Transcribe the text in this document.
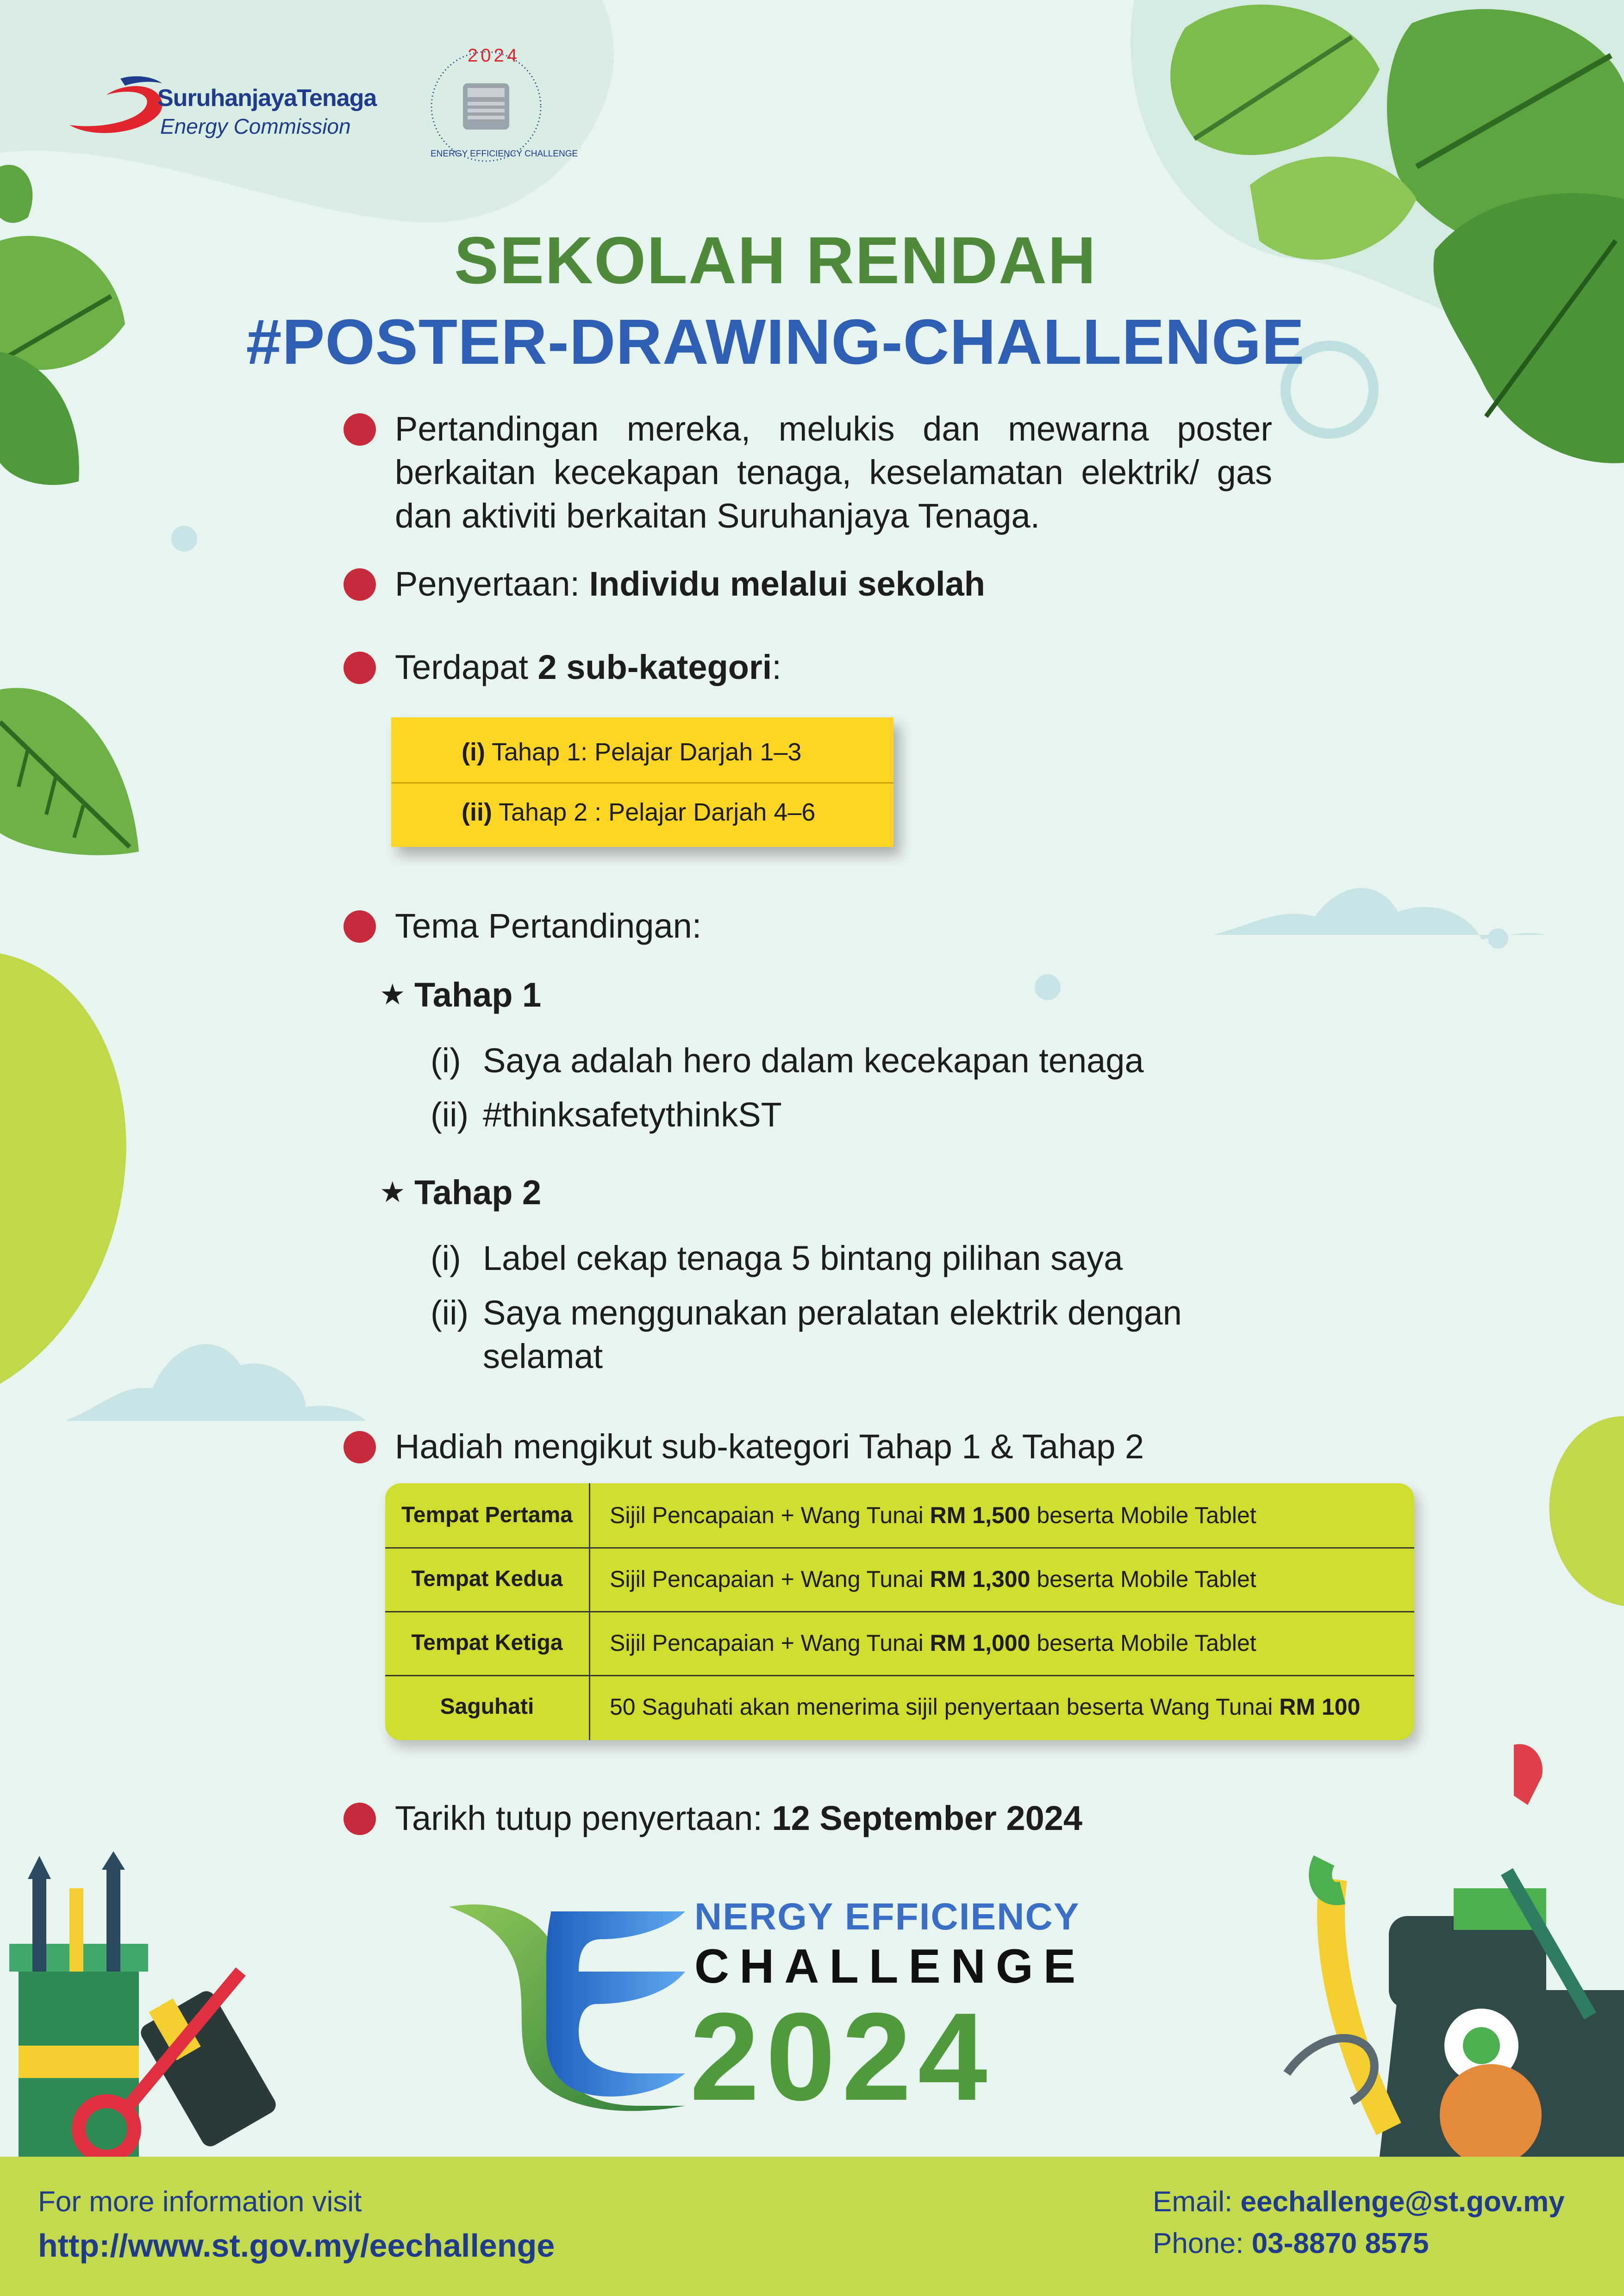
SuruhanjayaTenaga
Energy Commission
2024
ENERGY EFFICIENCY CHALLENGE
SEKOLAH RENDAH
#POSTER-DRAWING-CHALLENGE
Pertandingan mereka, melukis dan mewarna poster berkaitan kecekapan tenaga, keselamatan elektrik/ gas dan aktiviti berkaitan Suruhanjaya Tenaga.
Penyertaan: Individu melalui sekolah
Terdapat 2 sub-kategori:
(i) Tahap 1: Pelajar Darjah 1–3
(ii) Tahap 2 : Pelajar Darjah 4–6
Tema Pertandingan:
★ Tahap 1
(i) Saya adalah hero dalam kecekapan tenaga
(ii) #thinksafetythinkST
★ Tahap 2
(i) Label cekap tenaga 5 bintang pilihan saya
(ii) Saya menggunakan peralatan elektrik dengan selamat
Hadiah mengikut sub-kategori Tahap 1 & Tahap 2
Tempat Pertama	Sijil Pencapaian + Wang Tunai RM 1,500 beserta Mobile Tablet
Tempat Kedua	Sijil Pencapaian + Wang Tunai RM 1,300 beserta Mobile Tablet
Tempat Ketiga	Sijil Pencapaian + Wang Tunai RM 1,000 beserta Mobile Tablet
Saguhati	50 Saguhati akan menerima sijil penyertaan beserta Wang Tunai RM 100
Tarikh tutup penyertaan: 12 September 2024
NERGY EFFICIENCY
CHALLENGE
2024
For more information visit
http://www.st.gov.my/eechallenge
Email: eechallenge@st.gov.my
Phone: 03-8870 8575
